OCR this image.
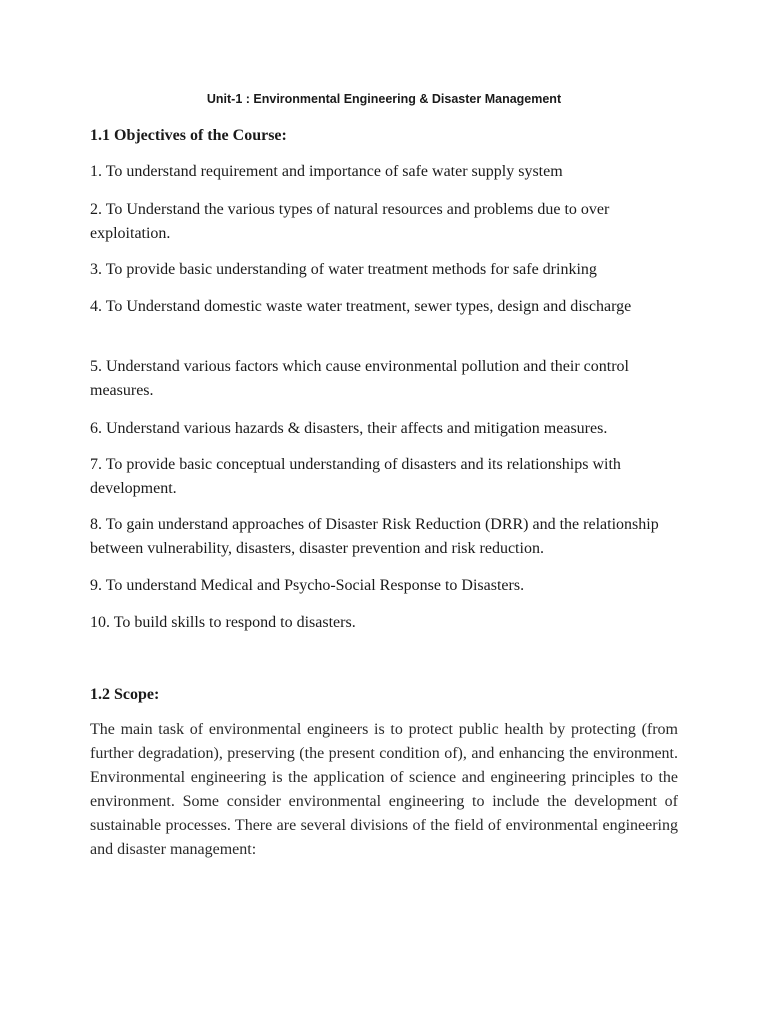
Unit-1 : Environmental Engineering & Disaster Management
1.1 Objectives of the Course:
1. To understand requirement and importance of safe water supply system
2. To Understand the various types of natural resources and problems due to over exploitation.
3. To provide basic understanding of water treatment methods for safe drinking
4. To Understand domestic waste water treatment, sewer types, design and discharge
5. Understand various factors which cause environmental pollution and their control measures.
6. Understand various hazards & disasters, their affects and mitigation measures.
7. To provide basic conceptual understanding of disasters and its relationships with development.
8. To gain understand approaches of Disaster Risk Reduction (DRR) and the relationship between vulnerability, disasters, disaster prevention and risk reduction.
9. To understand Medical and Psycho-Social Response to Disasters.
10. To build skills to respond to disasters.
1.2 Scope:
The main task of environmental engineers is to protect public health by protecting (from further degradation), preserving (the present condition of), and enhancing the environment. Environmental engineering is the application of science and engineering principles to the environment. Some consider environmental engineering to include the development of sustainable processes. There are several divisions of the field of environmental engineering and disaster management:
